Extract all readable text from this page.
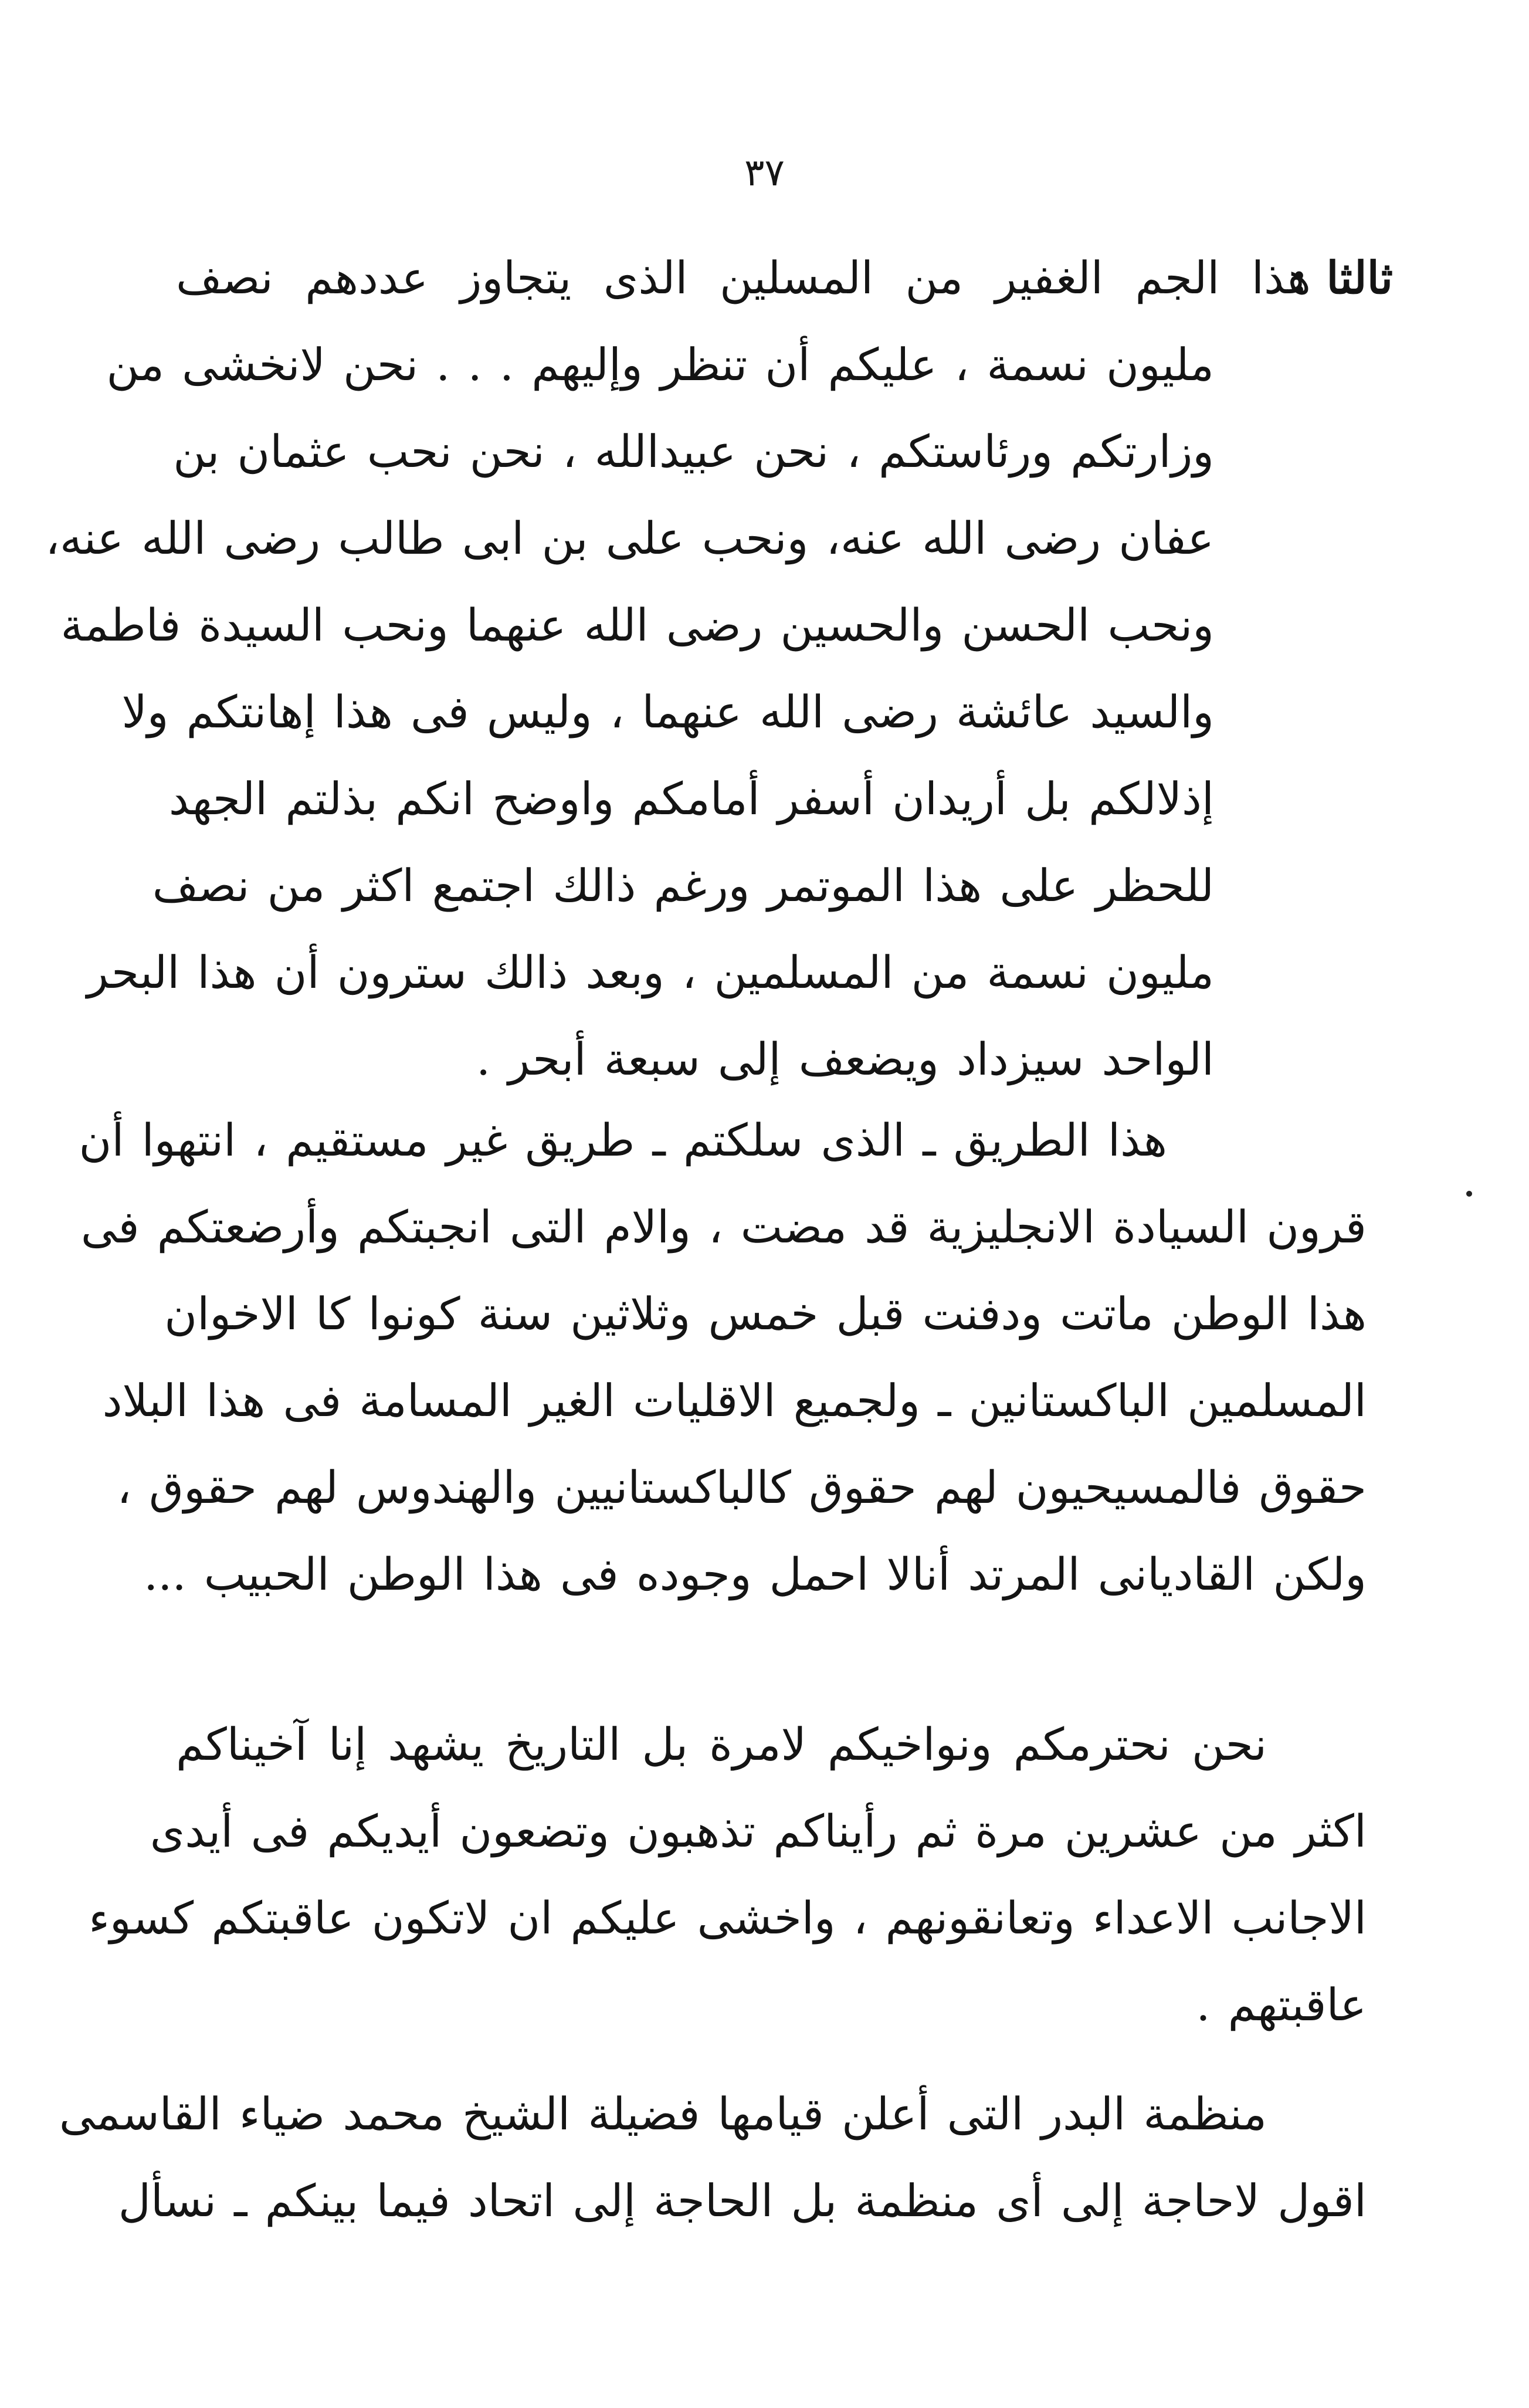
٣٧
هذا الجم الغفير من المسلين الذى يتجاوز عددهم نصف
ثالثا :
مليون نسمة ، عليكم أن تنظر وإليهم . . . نحن لانخشى من
وزارتكم ورئاستكم ، نحن عبيدالله ، نحن نحب عثمان بن
عفان رضى الله عنه، ونحب على بن ابى طالب رضى الله عنه،
ونحب الحسن والحسين رضى الله عنهما ونحب السيدة فاطمة
والسيد عائشة رضى الله عنهما ، وليس فى هذا إهانتكم ولا
إذلالكم بل أريدان أسفر أمامكم واوضح انكم بذلتم الجهد
للحظر على هذا الموتمر ورغم ذالك اجتمع اكثر من نصف
مليون نسمة من المسلمين ، وبعد ذالك سترون أن هذا البحر
الواحد سيزداد ويضعف إلى سبعة أبحر .
هذا الطريق ـ الذى سلكتم ـ طريق غير مستقيم ، انتهوا أن
قرون السيادة الانجليزية قد مضت ، والام التى انجبتكم وأرضعتكم فى
هذا الوطن ماتت ودفنت قبل خمس وثلاثين سنة كونوا كا الاخوان
المسلمين الباكستانين ـ ولجميع الاقليات الغير المسامة فى هذا البلاد
حقوق فالمسيحيون لهم حقوق كالباكستانيين والهندوس لهم حقوق ،
ولكن القاديانى المرتد أنالا احمل وجوده فى هذا الوطن الحبيب ...
نحن نحترمكم ونواخيكم لامرة بل التاريخ يشهد إنا آخيناكم
اكثر من عشرين مرة ثم رأيناكم تذهبون وتضعون أيديكم فى أيدى
الاجانب الاعداء وتعانقونهم ، واخشى عليكم ان لاتكون عاقبتكم كسوء
عاقبتهم .
منظمة البدر التى أعلن قيامها فضيلة الشيخ محمد ضياء القاسمى
اقول لاحاجة إلى أى منظمة بل الحاجة إلى اتحاد فيما بينكم ـ نسأل
